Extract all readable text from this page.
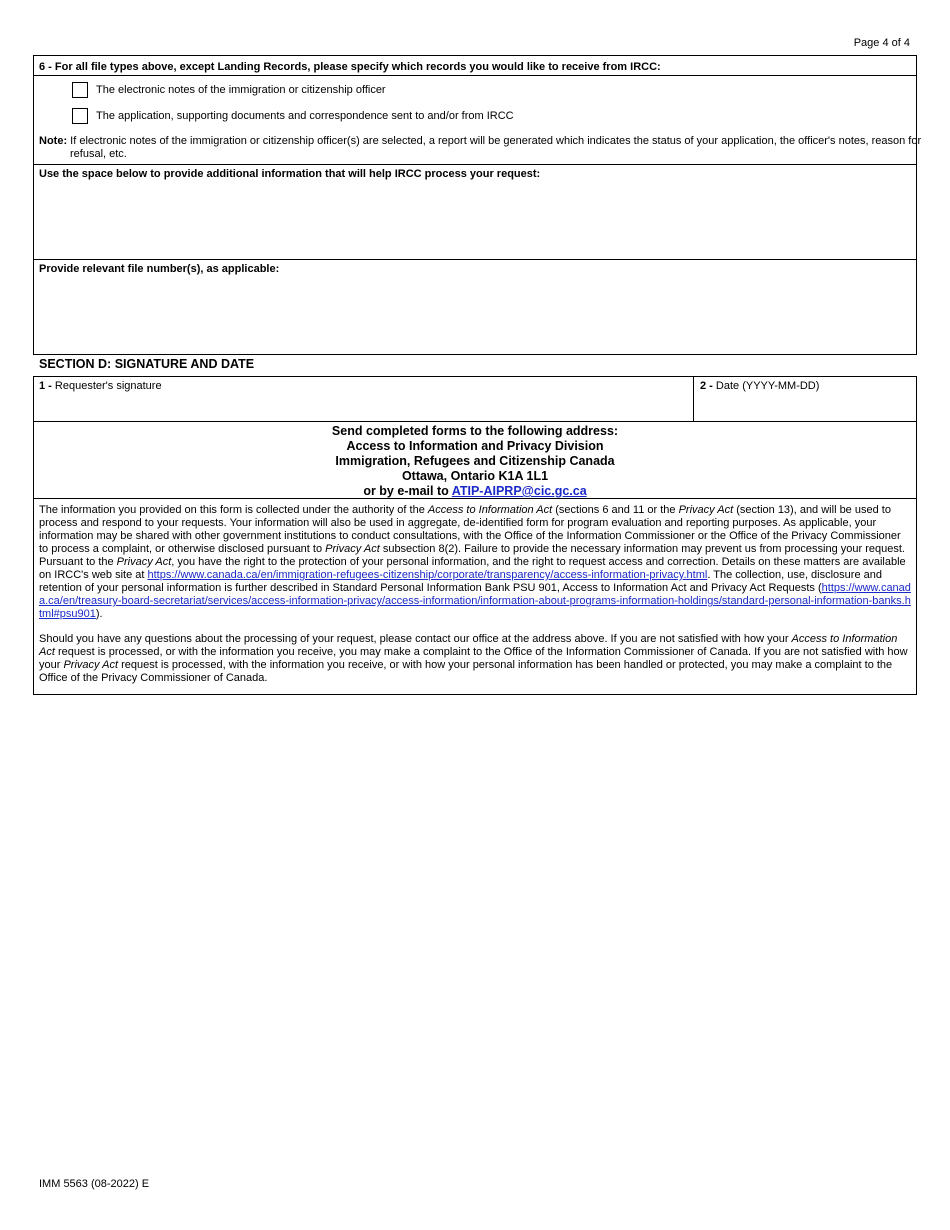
Page 4 of 4
6 - For all file types above, except Landing Records, please specify which records you would like to receive from IRCC:
The electronic notes of the immigration or citizenship officer
The application, supporting documents and correspondence sent to and/or from IRCC
Note: If electronic notes of the immigration or citizenship officer(s) are selected, a report will be generated which indicates the status of your application, the officer's notes, reason for refusal, etc.
Use the space below to provide additional information that will help IRCC process your request:
Provide relevant file number(s), as applicable:
SECTION D: SIGNATURE AND DATE
1 - Requester's signature	2 - Date (YYYY-MM-DD)
Send completed forms to the following address:
Access to Information and Privacy Division
Immigration, Refugees and Citizenship Canada
Ottawa, Ontario K1A 1L1
or by e-mail to ATIP-AIPRP@cic.gc.ca

The information you provided on this form is collected under the authority of the Access to Information Act (sections 6 and 11 or the Privacy Act (section 13), and will be used to process and respond to your requests. Your information will also be used in aggregate, de-identified form for program evaluation and reporting purposes. As applicable, your information may be shared with other government institutions to conduct consultations, with the Office of the Information Commissioner or the Office of the Privacy Commissioner to process a complaint, or otherwise disclosed pursuant to Privacy Act subsection 8(2). Failure to provide the necessary information may prevent us from processing your request. Pursuant to the Privacy Act, you have the right to the protection of your personal information, and the right to request access and correction. Details on these matters are available on IRCC's web site at https://www.canada.ca/en/immigration-refugees-citizenship/corporate/transparency/access-information-privacy.html. The collection, use, disclosure and retention of your personal information is further described in Standard Personal Information Bank PSU 901, Access to Information Act and Privacy Act Requests (https://www.canada.ca/en/treasury-board-secretariat/services/access-information-privacy/access-information/information-about-programs-information-holdings/standard-personal-information-banks.html#psu901).

Should you have any questions about the processing of your request, please contact our office at the address above. If you are not satisfied with how your Access to Information Act request is processed, or with the information you receive, you may make a complaint to the Office of the Information Commissioner of Canada. If you are not satisfied with how your Privacy Act request is processed, with the information you receive, or with how your personal information has been handled or protected, you may make a complaint to the Office of the Privacy Commissioner of Canada.

IMM 5563 (08-2022) E
